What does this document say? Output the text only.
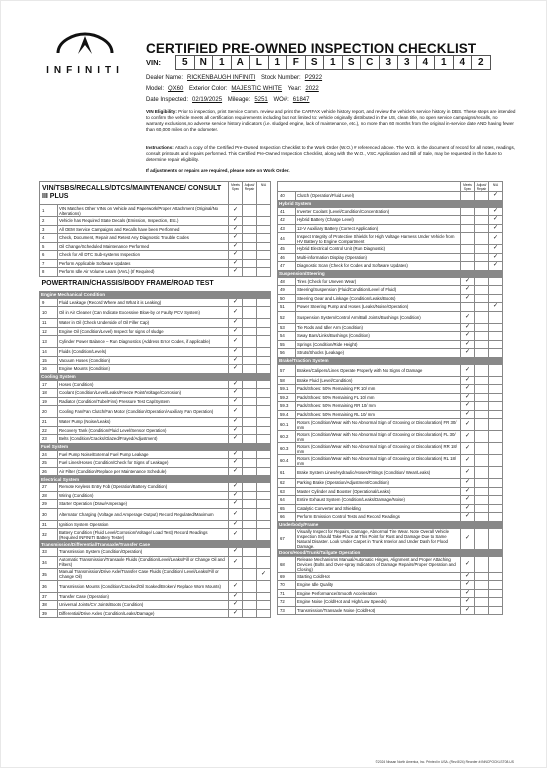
INFINITI
CERTIFIED PRE-OWNED INSPECTION CHECKLIST
VIN:	5	N	1	A	L	1	F	S	1	S	C	3	3	4	1	4	2
Dealer Name: RICKENBAUGH INFINITI Stock Number: P2922
Model: QX60 Exterior Color: MAJESTIC WHITE Year: 2022
Date Inspected: 02/19/2025 Mileage: 5251 WO#: 61847
VIN Eligibility: Prior to inspection, print Service Comm. review and print the CARFAX vehicle history report, and review the vehicle's service history in DBS. These steps are intended to confirm the vehicle meets all certification requirements including but not limited to: vehicle originally distributed in the US, clean title, no open service campaigns/recalls, no warranty exclusions,no adverse service history indicators (i.e. sludged engine, lack of maintenance, etc.), no more than 60 months from the original in-service date AND having fewer than 60,000 miles on the odometer.
Instructions: Attach a copy of the Certified Pre-Owned Inspection Checklist to the Work Order (W.O.) # referenced above. The W.O. is the document of record for all notes, readings, consult printouts and repairs performed. This Certified Pre-Owned Inspection Checklist, along with the W.O., VSC Application and Bill of Sale, may be requested in the future to determine repair eligibility.
If adjustments or repairs are required, please note on Work Order.
VIN/TSBS/RECALLS/DTCS/MAINTENANCE/ CONSULT III PLUS		Meets Spec	Adjust/ Repair	N/A
1	VIN Matches Other VINs on Vehicle and Paperwork/Proper Attachment (Original/No Alterations)	✓		
2	Vehicle has Required State Decals (Emission, Inspection, Etc.)	✓		
3	All OEM Service Campaigns and Recalls have been Performed	✓		
4	Check, Document, Repair and Retest Any Diagnostic Trouble Codes	✓		
5	Oil Change/Scheduled Maintenance Performed	✓		
6	Check for All DTC Sub-systems Inspection	✓		
7	Perform Applicable Software Updates	✓		
8	Perform Idle Air Volume Learn (IAVL) (If Required)	✓		
POWERTRAIN/CHASSIS/BODY FRAME/ROAD TEST				
Engine Mechanical Condition				
9	Fluid Leakage (Record Where and What it is Leaking)	✓		
10	Oil in Air Cleaner (Can Indicate Excessive Blow-by or Faulty PCV System)	✓		
11	Water in Oil (Check Underside of Oil Filler Cap)	✓		
12	Engine Oil (Condition/Level) Inspect for signs of sludge	✓		
13	Cylinder Power Balance – Run Diagnostics (Address Error Codes, if applicable)	✓		
14	Fluids (Condition/Levels)	✓		
15	Vacuum Hoses (Condition)	✓		
16	Engine Mounts (Condition)	✓		
Cooling System				
17	Hoses (Condition)	✓		
18	Coolant (Condition/Level/Leaks/Freeze Point/Voltage/Corrosion)	✓		
19	Radiator (Condition/Tube/Fins) Pressure Test Cap/System	✓		
20	Cooling Fan/Fan Clutch/Fan Motor (Condition/Operation/Auxiliary Fan Operation)	✓		
21	Water Pump (Noise/Leaks)	✓		
22	Recovery Tank (Condition/Fluid Level/Sensor Operation)	✓		
23	Belts (Condition/Cracks/Glazed/Frayed/Adjustment)	✓		
Fuel System				
24	Fuel Pump Noise/External Fuel Pump Leakage	✓		
25	Fuel Lines/Hoses (Condition/Check for Signs of Leakage)	✓		
26	Air Filter (Condition/Replace per Maintenance Schedule)	✓		
Electrical System				
27	Remote Keyless Entry Fob (Operation/Battery Condition)	✓		
28	Wiring (Condition)	✓		
29	Starter Operation (Draw/Amperage)	✓		
30	Alternator Charging (Voltage and Amperage Output) Record Regulated/Maximum	✓		
31	Ignition System Operation	✓		
32	Battery Condition (Fluid Level/Corrosion/Voltage/ Load Test) Record Readings (Required INFINITI Battery Tester)	✓		
Transmission/Differential/Transaxle/Transfer Case				
33	Transmission System (Condition/Operation)	✓		
34	Automatic Transmission/Transaxle Fluids (Condition/Level/Leaks/Fill or Change Oil and Filters)	✓		
35	Manual Transmission/Drive Axle/Transfer Case Fluids (Condition/ Level/Leaks/Fill or Change Oil)			✓
36	Transmission Mounts (Condition/Cracked/Oil Soaked/Broken/ Replace Worn Mounts)	✓		
37	Transfer Case (Operation)	✓		
38	Universal Joints/CV Joints/Boots (Condition)	✓		
39	Differential/Drive Axles (Condition/Leaks/Damage)	✓		
		Meets Spec	Adjust/ Repair	N/A
40	Clutch (Operation/Fluid Level)			✓
Hybrid System				
41	Inverter Coolant (Level/Condition/Concentration)			✓
42	Hybrid Battery (Charge Level)			✓
43	12-V Auxiliary Battery (Correct Application)			✓
44	Inspect Integrity of Protective Shields for High Voltage Harness Under Vehicle from HV Battery to Engine Compartment			✓
45	Hybrid Electrical Control Unit (Run Diagnostic)			✓
46	Multi-information Display (Operation)			✓
47	Diagnostic Scan (Check for Codes and Software Updates)			✓
Suspension/Steering				
48	Tires (Check for Uneven Wear)	✓		
49	Steering/Suspension (Fluid/Condition/Level of Fluid)	✓		
50	Steering Gear and Linkage (Condition/Leaks/Boots)	✓		
51	Power Steering Pump and Hoses (Leaks/Noise/Operation)			✓
52	Suspension System/Control Arm/Ball Joints/Bushings (Condition)	✓		
53	Tie Rods and Idler Arm (Condition)	✓		
54	Sway Bars/Links/Bushings (Condition)	✓		
55	Springs (Condition/Ride Height)	✓		
56	Struts/Shocks (Leakage)	✓		
Brake/Traction System				
57	Brakes/Calipers/Lines Operate Properly with No Signs of Damage	✓		
58	Brake Fluid (Level/Condition)	✓		
59.1	Pads/Shoes: 50% Remaining FR 10/ mm	✓		
59.2	Pads/Shoes: 50% Remaining FL 10/ mm	✓		
59.3	Pads/Shoes: 50% Remaining RR 10/ mm	✓		
59.4	Pads/Shoes: 50% Remaining RL 10/ mm	✓		
60.1	Rotors (Condition/Wear with No Abnormal Sign of Grooving or Discoloration) FR 30/ mm	✓		
60.2	Rotors (Condition/Wear with No Abnormal Sign of Grooving or Discoloration) FL 30/ mm	✓		
60.3	Rotors (Condition/Wear with No Abnormal Sign of Grooving or Discoloration) RR 18/ mm	✓		
60.4	Rotors (Condition/Wear with No Abnormal Sign of Grooving or Discoloration) RL 18/ mm	✓		
61	Brake System Lines/Hydraulic/Hoses/Fittings (Condition/ Wear/Leaks)	✓		
62	Parking Brake (Operation/Adjustment/Condition)	✓		
63	Master Cylinder and Booster (Operational/Leaks)	✓		
64	Entire Exhaust System (Condition/Leaks/Damage/Noise)	✓		
65	Catalytic Converter and Shielding	✓		
66	Perform Emission Control Tests and Record Readings	✓		
Underbody/Frame				
67	Visually Inspect for Repairs, Damage, Abnormal Tire Wear. Note Overall Vehicle Inspection Should Take Place at This Point for Rust and Damage Due to Same Natural Disaster. Look Under Carpet in Trunk Interior and Under Dash for Flood Damage.	✓		
Doors/Hood/Trunk/Tailgate Operation				
68	Release Mechanisms Manual/Automatic Hinges, Alignment and Proper Attaching Devices (Bolts and Over-spray Indicators of Damage Repairs/Proper Operation and Closing)	✓		
69	Starting Cold/Hot	✓		
70	Engine Idle Quality	✓		
71	Engine Performance/Smooth Acceleration	✓		
72	Engine Noise (Cold/Hot and High/Low Speeds)	✓		
73	Transmission/Transaxle Noise (Cold/Hot)	✓		
©2024 Nissan North America, Inc. Printed in USA. (Rev.8/24) Reorder #:INNCPOCKLST08-US
